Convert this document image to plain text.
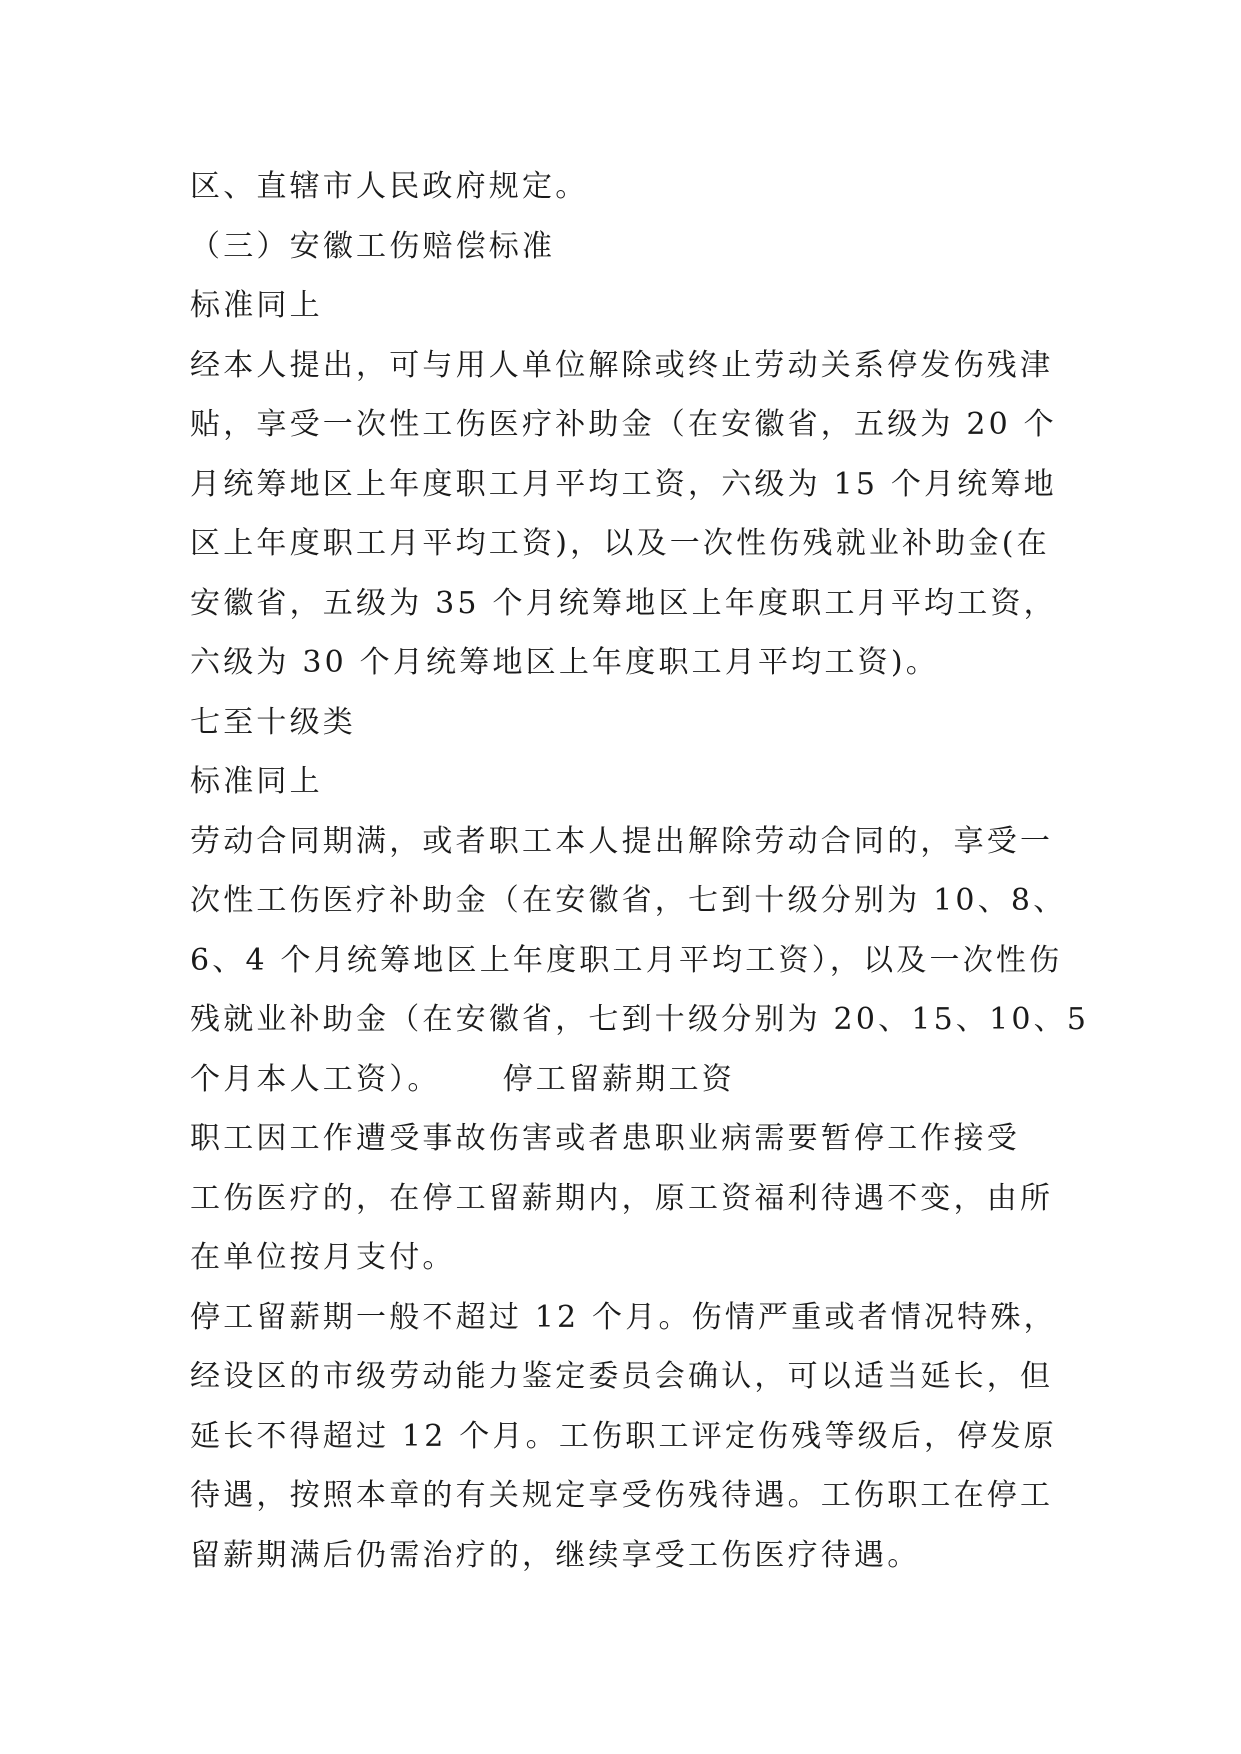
区、直辖市人民政府规定。
（三）安徽工伤赔偿标准
标准同上
经本人提出，可与用人单位解除或终止劳动关系停发伤残津
贴，享受一次性工伤医疗补助金（在安徽省，五级为 20 个
月统筹地区上年度职工月平均工资，六级为 15 个月统筹地
区上年度职工月平均工资)，以及一次性伤残就业补助金(在
安徽省，五级为 35 个月统筹地区上年度职工月平均工资，
六级为 30 个月统筹地区上年度职工月平均工资)。
七至十级类
标准同上
劳动合同期满，或者职工本人提出解除劳动合同的，享受一
次性工伤医疗补助金（在安徽省，七到十级分别为 10、8、
6、4 个月统筹地区上年度职工月平均工资），以及一次性伤
残就业补助金（在安徽省，七到十级分别为 20、15、10、5
个月本人工资）。 停工留薪期工资
职工因工作遭受事故伤害或者患职业病需要暂停工作接受
工伤医疗的，在停工留薪期内，原工资福利待遇不变，由所
在单位按月支付。
停工留薪期一般不超过 12 个月。伤情严重或者情况特殊，
经设区的市级劳动能力鉴定委员会确认，可以适当延长，但
延长不得超过 12 个月。工伤职工评定伤残等级后，停发原
待遇，按照本章的有关规定享受伤残待遇。工伤职工在停工
留薪期满后仍需治疗的，继续享受工伤医疗待遇。
